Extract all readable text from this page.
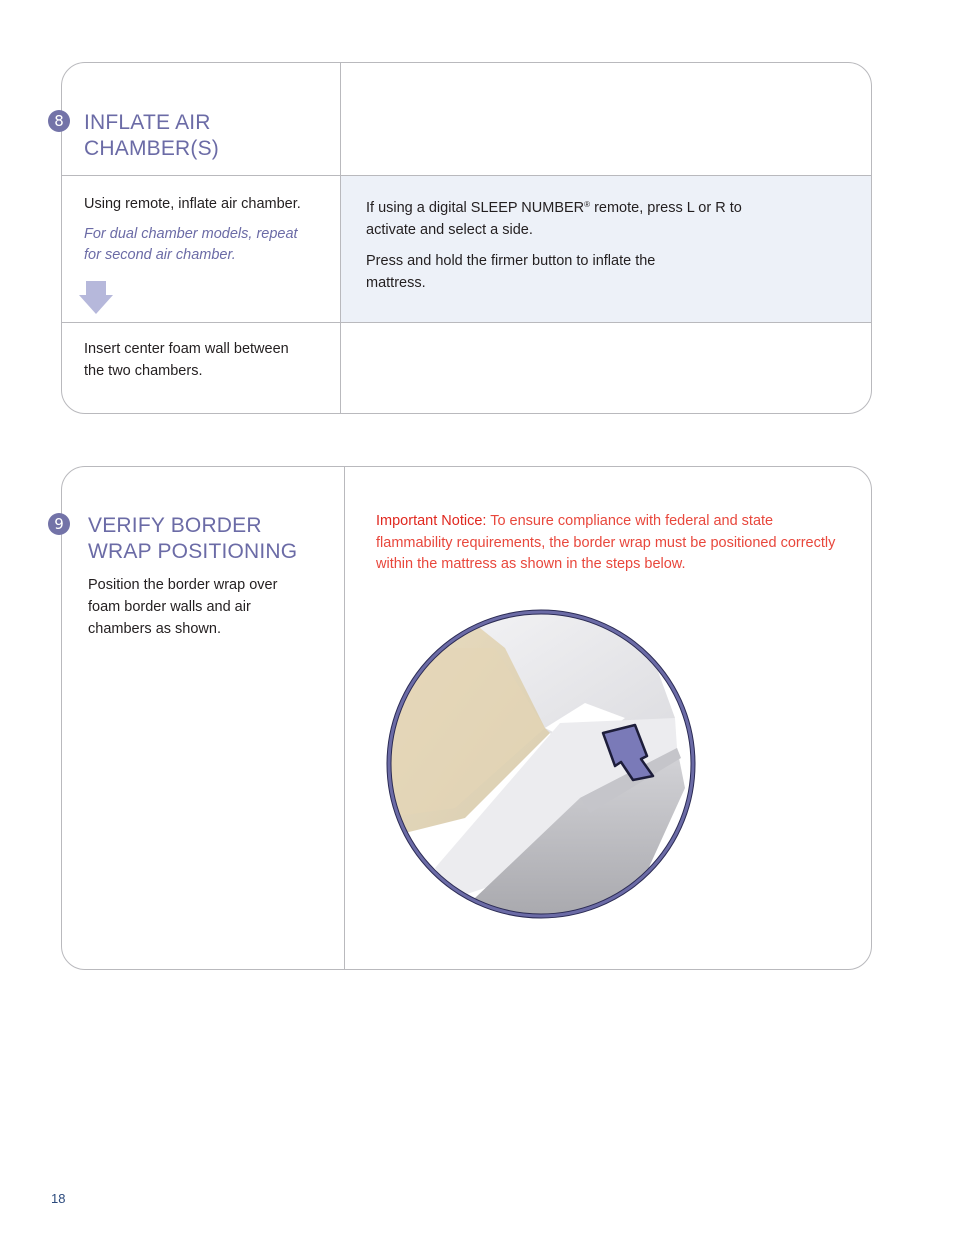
8 INFLATE AIR CHAMBER(S)

Using remote, inflate air chamber.

For dual chamber models, repeat for second air chamber.

If using a digital SLEEP NUMBER® remote, press L or R to activate and select a side.

Press and hold the firmer button to inflate the mattress.

Insert center foam wall between the two chambers.

9 VERIFY BORDER WRAP POSITIONING

Position the border wrap over foam border walls and air chambers as shown.

Important Notice: To ensure compliance with federal and state flammability requirements, the border wrap must be positioned correctly within the mattress as shown in the steps below.

18
